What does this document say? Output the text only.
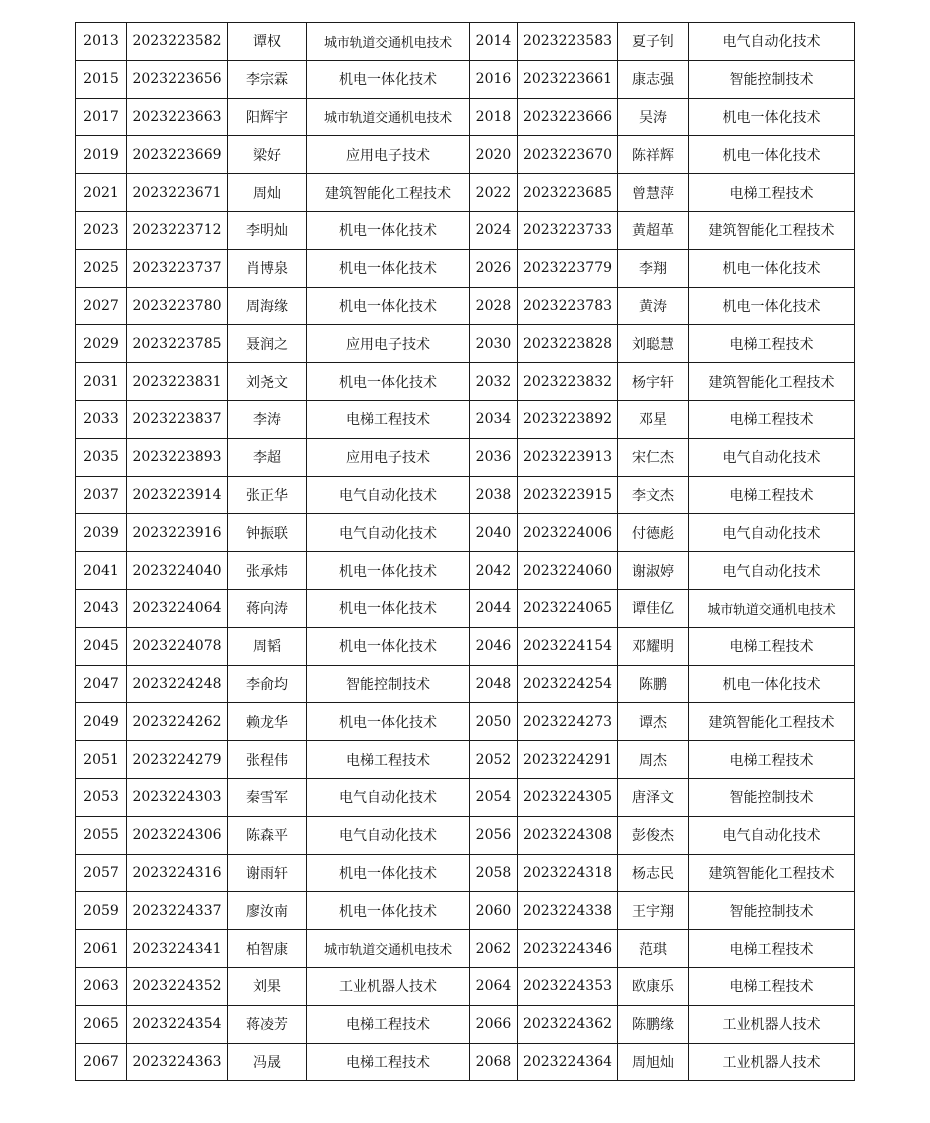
2013	2023223582	谭权	城市轨道交通机电技术	2014	2023223583	夏子钊	电气自动化技术
2015	2023223656	李宗霖	机电一体化技术	2016	2023223661	康志强	智能控制技术
2017	2023223663	阳辉宇	城市轨道交通机电技术	2018	2023223666	吴涛	机电一体化技术
2019	2023223669	梁好	应用电子技术	2020	2023223670	陈祥辉	机电一体化技术
2021	2023223671	周灿	建筑智能化工程技术	2022	2023223685	曾慧萍	电梯工程技术
2023	2023223712	李明灿	机电一体化技术	2024	2023223733	黄超革	建筑智能化工程技术
2025	2023223737	肖博泉	机电一体化技术	2026	2023223779	李翔	机电一体化技术
2027	2023223780	周海缘	机电一体化技术	2028	2023223783	黄涛	机电一体化技术
2029	2023223785	聂润之	应用电子技术	2030	2023223828	刘聪慧	电梯工程技术
2031	2023223831	刘尧文	机电一体化技术	2032	2023223832	杨宇轩	建筑智能化工程技术
2033	2023223837	李涛	电梯工程技术	2034	2023223892	邓星	电梯工程技术
2035	2023223893	李超	应用电子技术	2036	2023223913	宋仁杰	电气自动化技术
2037	2023223914	张正华	电气自动化技术	2038	2023223915	李文杰	电梯工程技术
2039	2023223916	钟振联	电气自动化技术	2040	2023224006	付德彪	电气自动化技术
2041	2023224040	张承炜	机电一体化技术	2042	2023224060	谢淑婷	电气自动化技术
2043	2023224064	蒋向涛	机电一体化技术	2044	2023224065	谭佳亿	城市轨道交通机电技术
2045	2023224078	周韬	机电一体化技术	2046	2023224154	邓耀明	电梯工程技术
2047	2023224248	李俞均	智能控制技术	2048	2023224254	陈鹏	机电一体化技术
2049	2023224262	赖龙华	机电一体化技术	2050	2023224273	谭杰	建筑智能化工程技术
2051	2023224279	张程伟	电梯工程技术	2052	2023224291	周杰	电梯工程技术
2053	2023224303	秦雪军	电气自动化技术	2054	2023224305	唐泽文	智能控制技术
2055	2023224306	陈森平	电气自动化技术	2056	2023224308	彭俊杰	电气自动化技术
2057	2023224316	谢雨轩	机电一体化技术	2058	2023224318	杨志民	建筑智能化工程技术
2059	2023224337	廖汝南	机电一体化技术	2060	2023224338	王宇翔	智能控制技术
2061	2023224341	柏智康	城市轨道交通机电技术	2062	2023224346	范琪	电梯工程技术
2063	2023224352	刘果	工业机器人技术	2064	2023224353	欧康乐	电梯工程技术
2065	2023224354	蒋凌芳	电梯工程技术	2066	2023224362	陈鹏缘	工业机器人技术
2067	2023224363	冯晟	电梯工程技术	2068	2023224364	周旭灿	工业机器人技术
